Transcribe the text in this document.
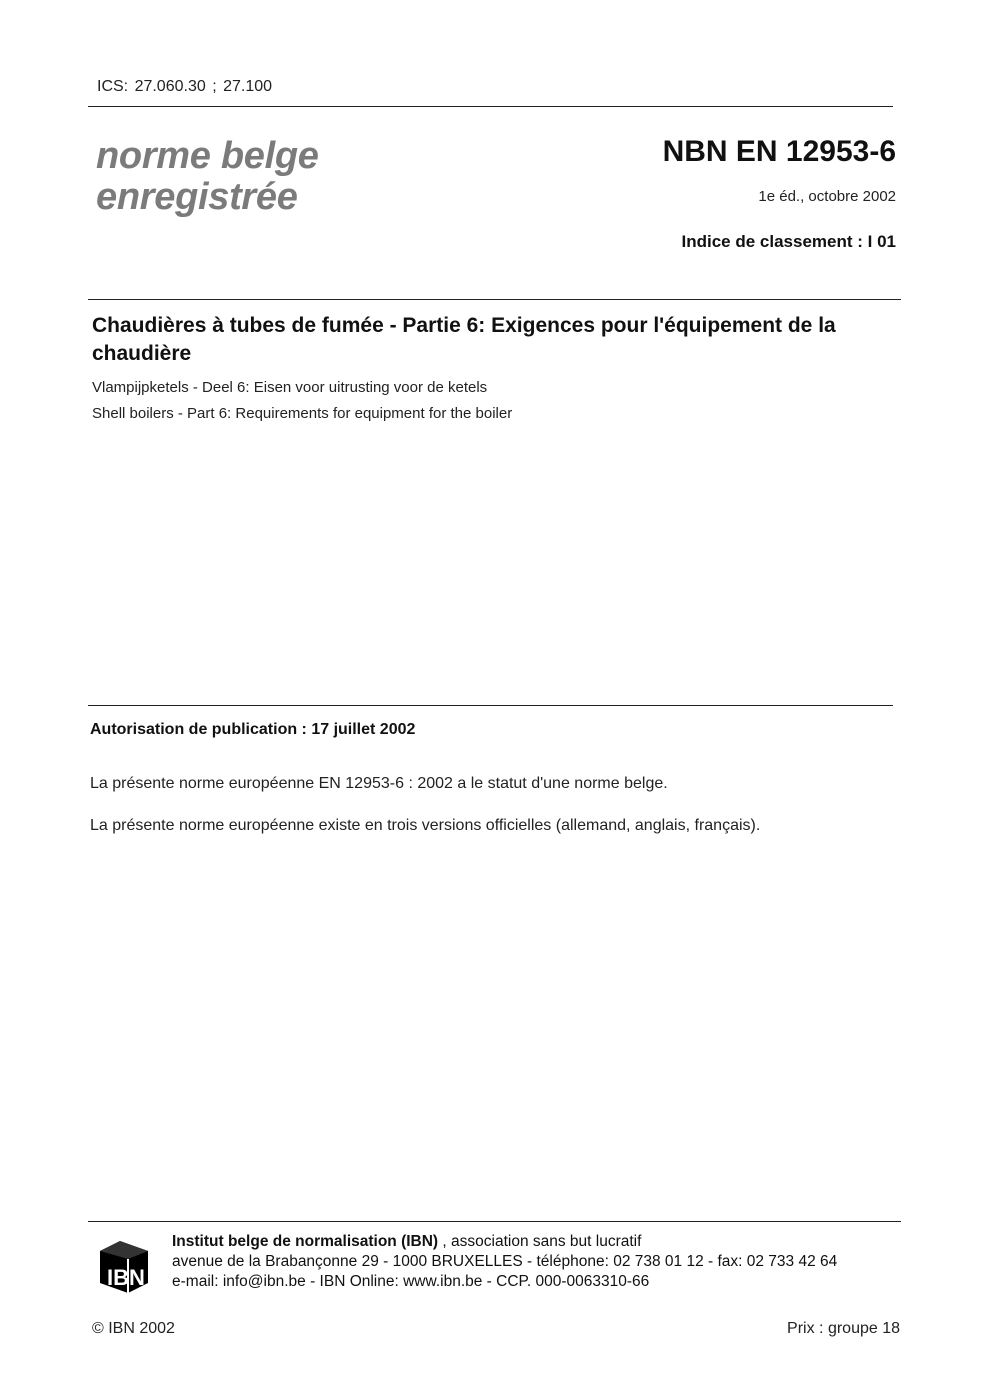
ICS: 27.060.30 ; 27.100
norme belge
enregistrée
NBN EN 12953-6
1e éd., octobre 2002
Indice de classement : I 01
Chaudières à tubes de fumée - Partie 6: Exigences pour l'équipement de la chaudière
Vlampijpketels - Deel 6: Eisen voor uitrusting voor de ketels
Shell boilers - Part 6: Requirements for equipment for the boiler
Autorisation de publication : 17 juillet 2002
La présente norme européenne EN 12953-6 : 2002 a le statut d'une norme belge.
La présente norme européenne existe en trois versions officielles (allemand, anglais, français).
IBN
Institut belge de normalisation (IBN) , association sans but lucratif
avenue de la Brabançonne 29 - 1000 BRUXELLES - téléphone: 02 738 01 12 - fax: 02 733 42 64
e-mail: info@ibn.be - IBN Online: www.ibn.be - CCP. 000-0063310-66
© IBN 2002	Prix : groupe 18
